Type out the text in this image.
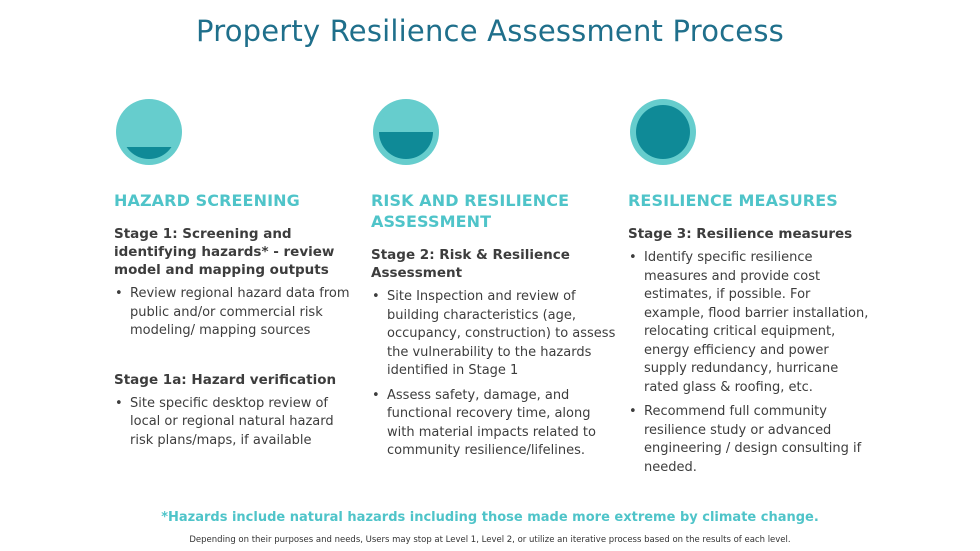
Property Resilience Assessment Process
HAZARD SCREENING
Stage 1: Screening and identifying hazards* - review model and mapping outputs
• Review regional hazard data from public and/or commercial risk modeling/ mapping sources
Stage 1a: Hazard verification
• Site specific desktop review of local or regional natural hazard risk plans/maps, if available
RISK AND RESILIENCE ASSESSMENT
Stage 2: Risk & Resilience Assessment
• Site Inspection and review of building characteristics (age, occupancy, construction) to assess the vulnerability to the hazards identified in Stage 1
• Assess safety, damage, and functional recovery time, along with material impacts related to community resilience/lifelines.
RESILIENCE MEASURES
Stage 3: Resilience measures
• Identify specific resilience measures and provide cost estimates, if possible. For example, flood barrier installation, relocating critical equipment, energy efficiency and power supply redundancy, hurricane rated glass & roofing, etc.
• Recommend full community resilience study or advanced engineering / design consulting if needed.
*Hazards include natural hazards including those made more extreme by climate change.
Depending on their purposes and needs, Users may stop at Level 1, Level 2, or utilize an iterative process based on the results of each level.
